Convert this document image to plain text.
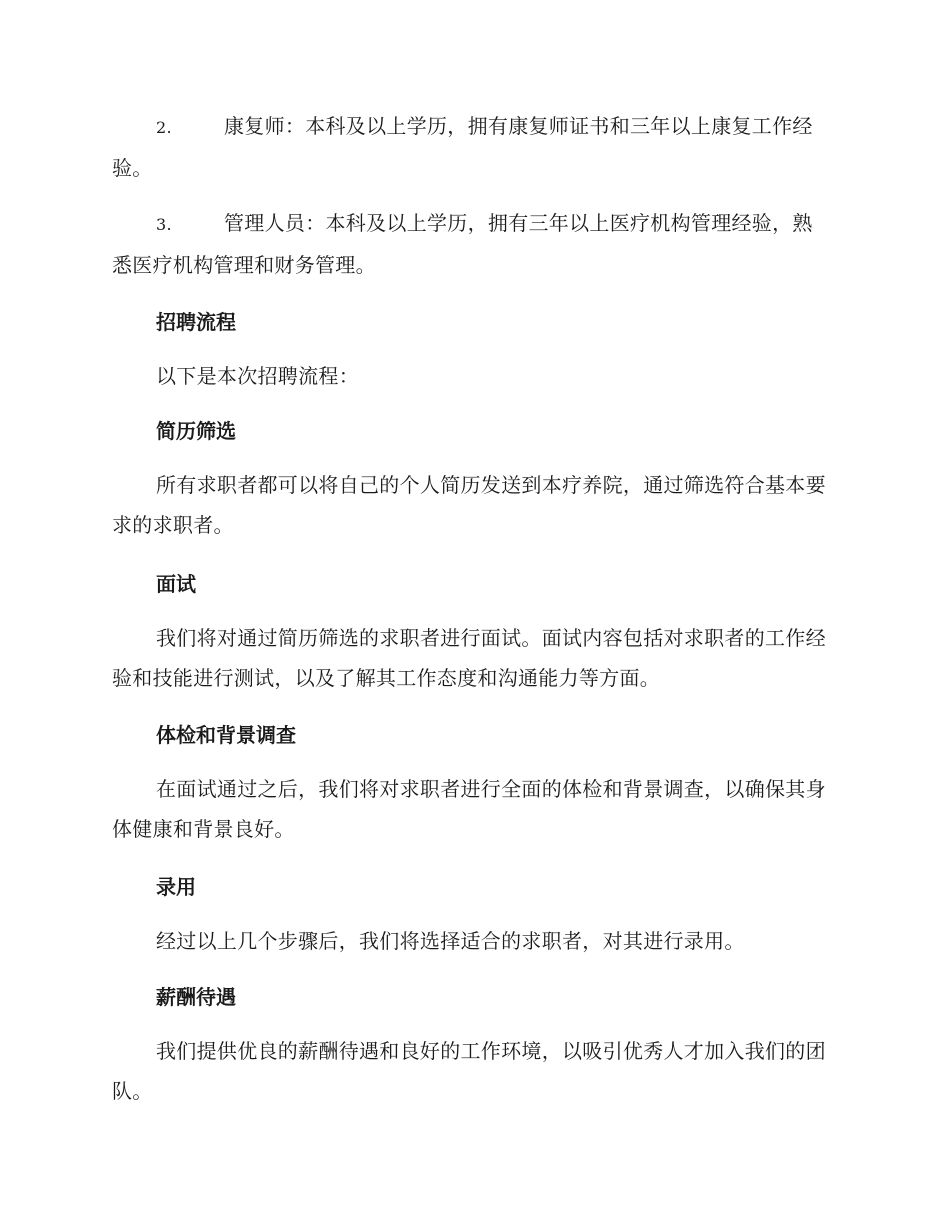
2.	康复师：本科及以上学历，拥有康复师证书和三年以上康复工作经验。
3.	管理人员：本科及以上学历，拥有三年以上医疗机构管理经验，熟悉医疗机构管理和财务管理。
招聘流程
以下是本次招聘流程：
简历筛选
所有求职者都可以将自己的个人简历发送到本疗养院，通过筛选符合基本要求的求职者。
面试
我们将对通过简历筛选的求职者进行面试。面试内容包括对求职者的工作经验和技能进行测试，以及了解其工作态度和沟通能力等方面。
体检和背景调查
在面试通过之后，我们将对求职者进行全面的体检和背景调查，以确保其身体健康和背景良好。
录用
经过以上几个步骤后，我们将选择适合的求职者，对其进行录用。
薪酬待遇
我们提供优良的薪酬待遇和良好的工作环境，以吸引优秀人才加入我们的团队。
